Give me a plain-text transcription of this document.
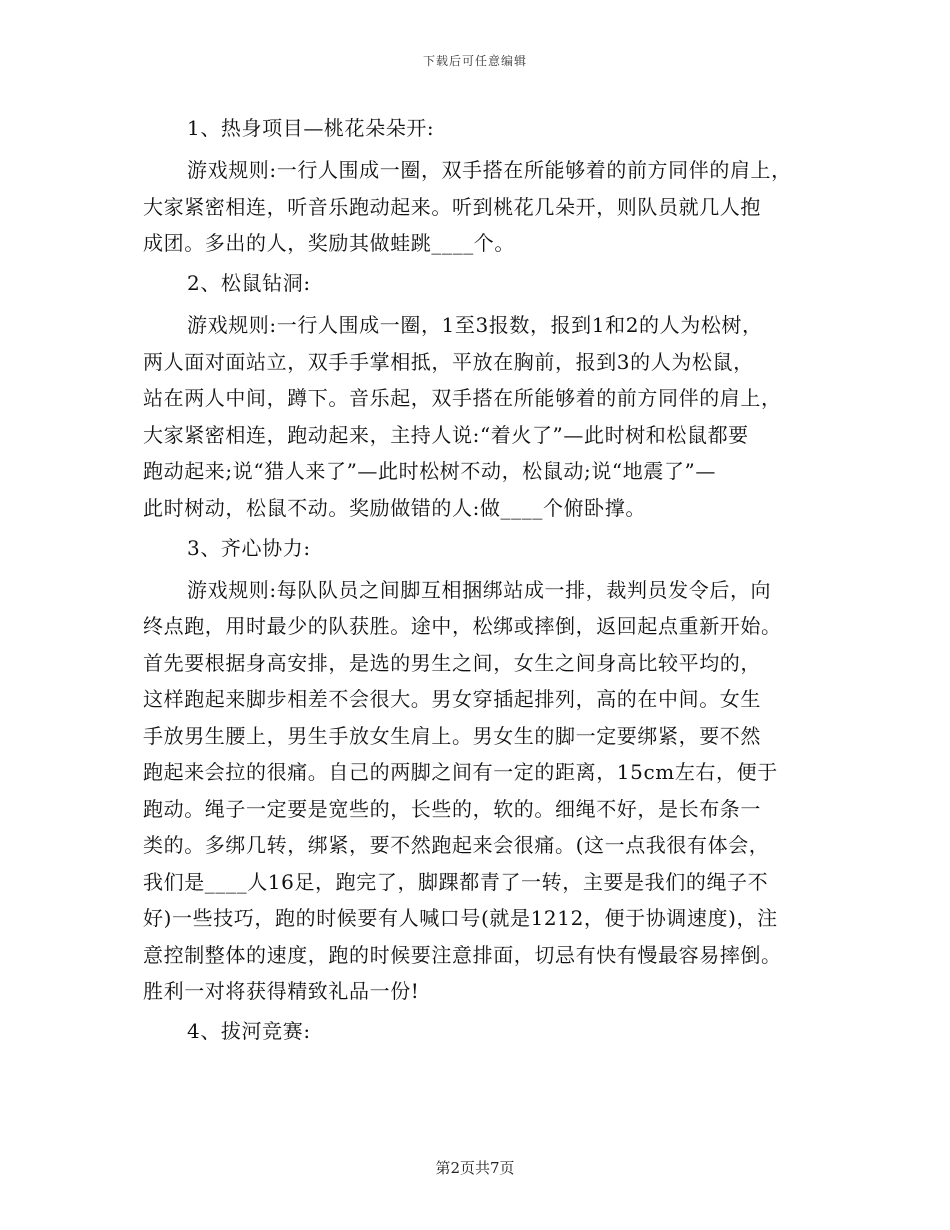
下载后可任意编辑
1、热身项目—桃花朵朵开:
游戏规则:一行人围成一圈，双手搭在所能够着的前方同伴的肩上，
大家紧密相连，听音乐跑动起来。听到桃花几朵开，则队员就几人抱
成团。多出的人，奖励其做蛙跳____个。
2、松鼠钻洞:
游戏规则:一行人围成一圈，1至3报数，报到1和2的人为松树，
两人面对面站立，双手手掌相抵，平放在胸前，报到3的人为松鼠，
站在两人中间，蹲下。音乐起，双手搭在所能够着的前方同伴的肩上，
大家紧密相连，跑动起来，主持人说:“着火了”—此时树和松鼠都要
跑动起来;说“猎人来了”—此时松树不动，松鼠动;说“地震了”—
此时树动，松鼠不动。奖励做错的人:做____个俯卧撑。
3、齐心协力:
游戏规则:每队队员之间脚互相捆绑站成一排，裁判员发令后，向
终点跑，用时最少的队获胜。途中，松绑或摔倒，返回起点重新开始。
首先要根据身高安排，是选的男生之间，女生之间身高比较平均的，
这样跑起来脚步相差不会很大。男女穿插起排列，高的在中间。女生
手放男生腰上，男生手放女生肩上。男女生的脚一定要绑紧，要不然
跑起来会拉的很痛。自己的两脚之间有一定的距离，15cm左右，便于
跑动。绳子一定要是宽些的，长些的，软的。细绳不好，是长布条一
类的。多绑几转，绑紧，要不然跑起来会很痛。(这一点我很有体会，
我们是____人16足，跑完了，脚踝都青了一转，主要是我们的绳子不
好)一些技巧，跑的时候要有人喊口号(就是1212，便于协调速度)，注
意控制整体的速度，跑的时候要注意排面，切忌有快有慢最容易摔倒。
胜利一对将获得精致礼品一份!
4、拔河竞赛:
第2页共7页
